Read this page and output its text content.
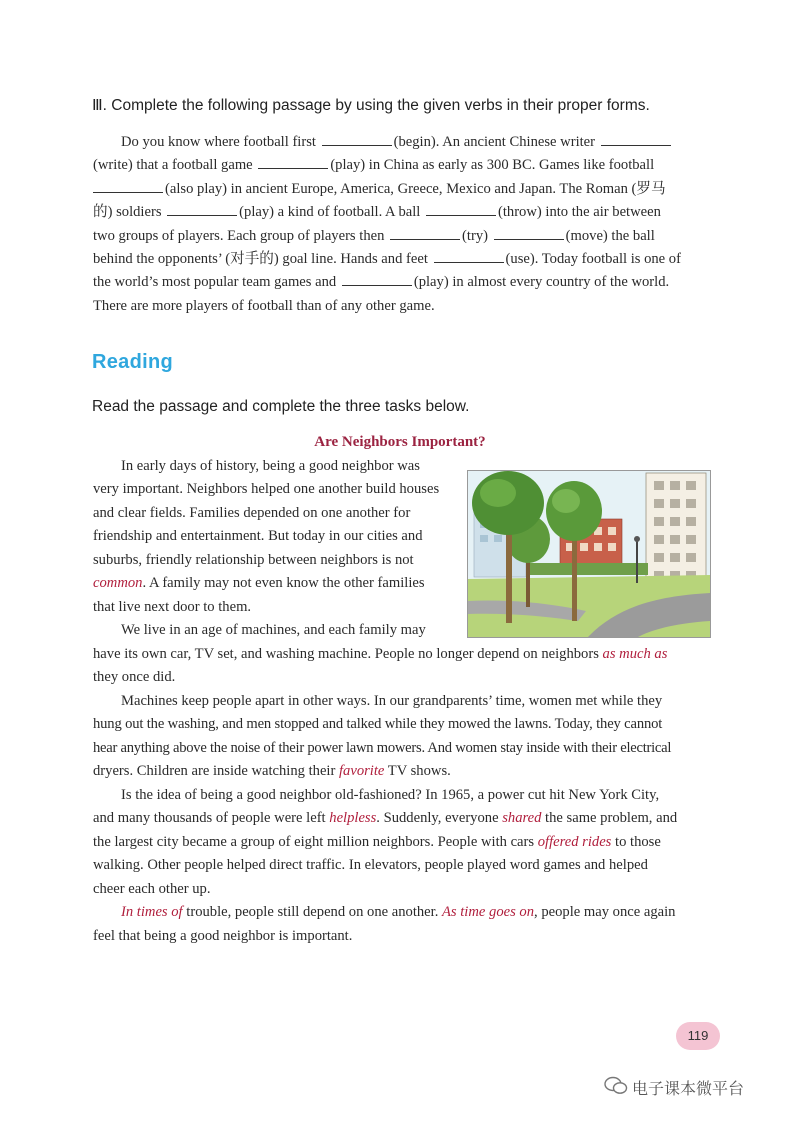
Ⅲ. Complete the following passage by using the given verbs in their proper forms.
Do you know where football first	(begin). An ancient Chinese writer
(write) that a football game	(play) in China as early as 300 BC. Games like football
(also play) in ancient Europe, America, Greece, Mexico and Japan. The Roman (罗马
的) soldiers	(play) a kind of football. A ball	(throw) into the air between
two groups of players. Each group of players then	(try)	(move) the ball
behind the opponents’ (对手的) goal line. Hands and feet	(use). Today football is one of
the world’s most popular team games and	(play) in almost every country of the world.
There are more players of football than of any other game.
Reading
Read the passage and complete the three tasks below.
Are Neighbors Important?
In early days of history, being a good neighbor was
very important. Neighbors helped one another build houses
and clear fields. Families depended on one another for
friendship and entertainment. But today in our cities and
suburbs, friendly relationship between neighbors is not
common. A family may not even know the other families
that live next door to them.
We live in an age of machines, and each family may
have its own car, TV set, and washing machine. People no longer depend on neighbors as much as
they once did.
Machines keep people apart in other ways. In our grandparents’ time, women met while they
hung out the washing, and men stopped and talked while they mowed the lawns. Today, they cannot
hear anything above the noise of their power lawn mowers. And women stay inside with their electrical
dryers. Children are inside watching their favorite TV shows.
Is the idea of being a good neighbor old-fashioned? In 1965, a power cut hit New York City,
and many thousands of people were left helpless. Suddenly, everyone shared the same problem, and
the largest city became a group of eight million neighbors. People with cars offered rides to those
walking. Other people helped direct traffic. In elevators, people played word games and helped
cheer each other up.
In times of trouble, people still depend on one another. As time goes on, people may once again
feel that being a good neighbor is important.
119
电子课本微平台
